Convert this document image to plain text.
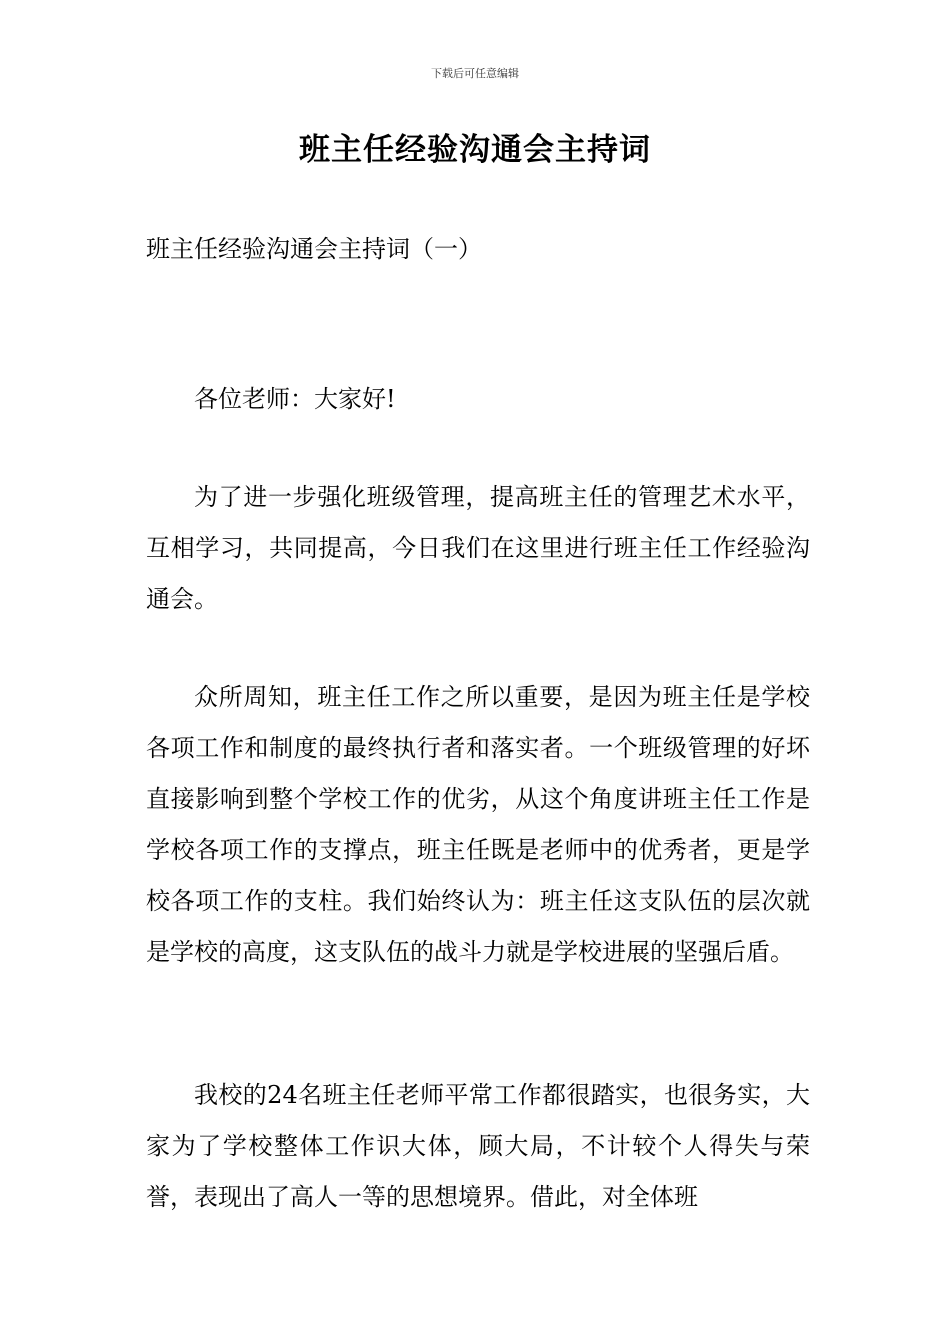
下载后可任意编辑
班主任经验沟通会主持词
班主任经验沟通会主持词（一）

各位老师：大家好!

为了进一步强化班级管理，提高班主任的管理艺术水平，互相学习，共同提高，今日我们在这里进行班主任工作经验沟通会。

众所周知，班主任工作之所以重要，是因为班主任是学校各项工作和制度的最终执行者和落实者。一个班级管理的好坏直接影响到整个学校工作的优劣，从这个角度讲班主任工作是学校各项工作的支撑点，班主任既是老师中的优秀者，更是学校各项工作的支柱。我们始终认为：班主任这支队伍的层次就是学校的高度，这支队伍的战斗力就是学校进展的坚强后盾。

我校的24名班主任老师平常工作都很踏实，也很务实，大家为了学校整体工作识大体，顾大局，不计较个人得失与荣誉，表现出了高人一等的思想境界。借此，对全体班
